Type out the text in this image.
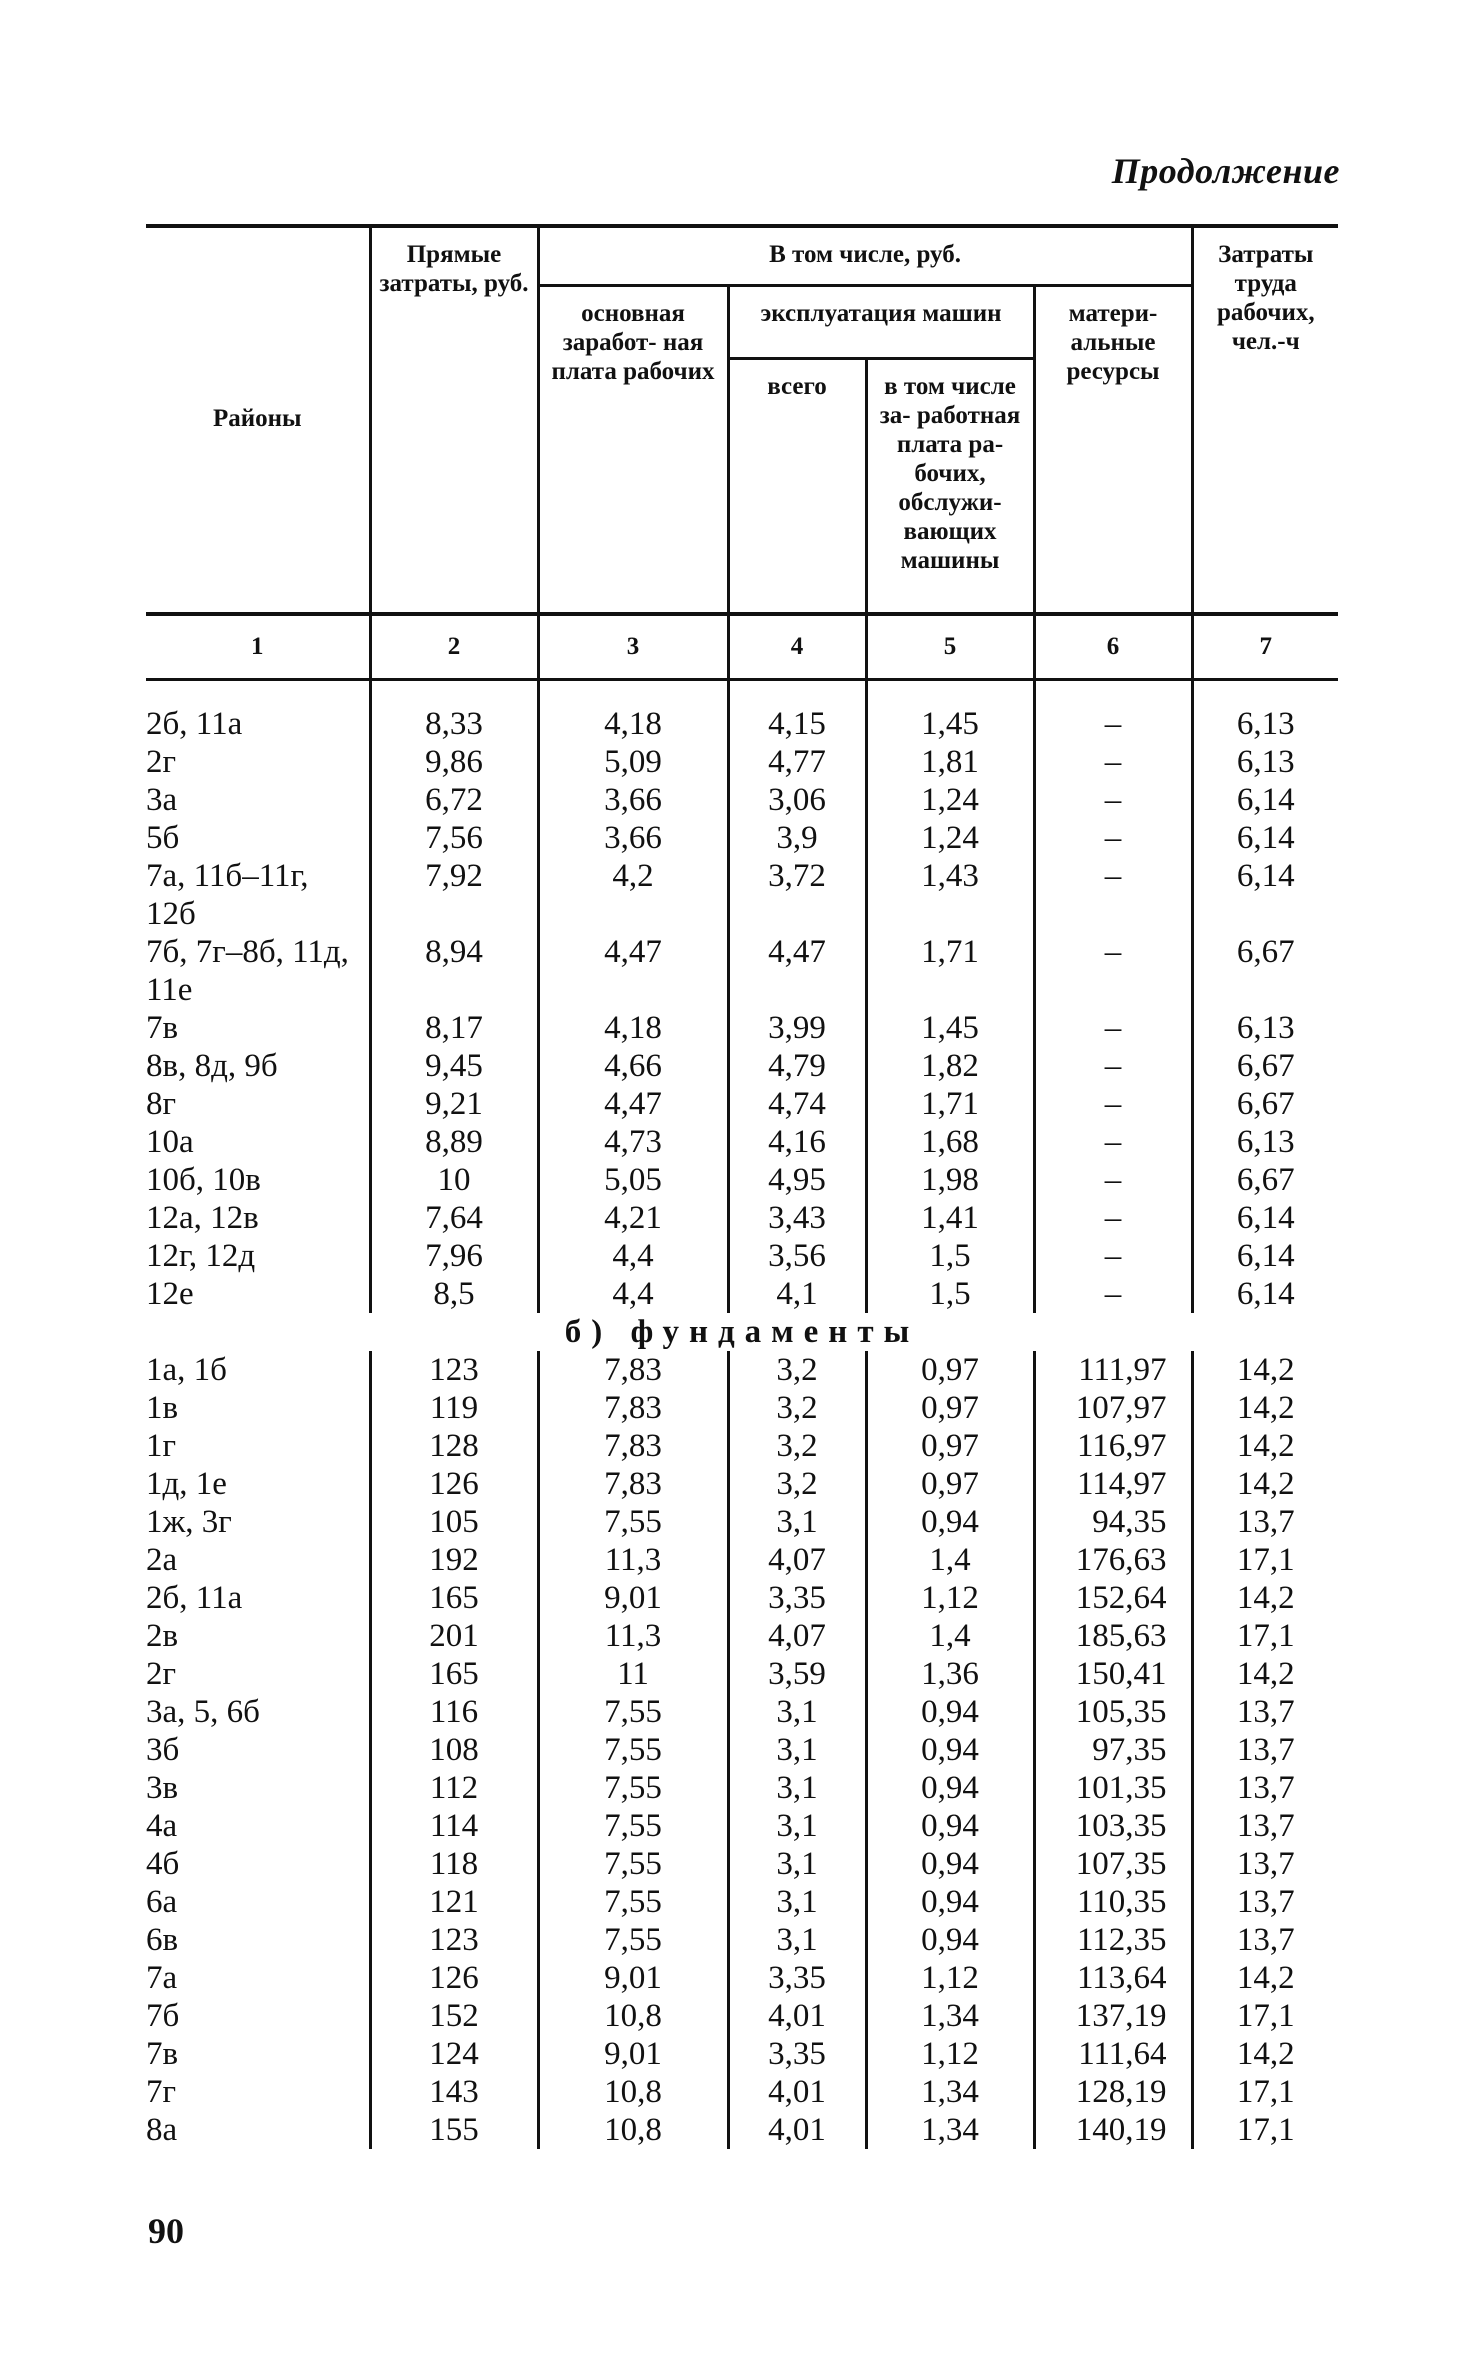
Продолжение
Районы	Прямые затраты, руб.	В том числе, руб.				Затраты труда рабочих, чел.-ч
		основная заработ- ная плата рабочих	эксплуатация машин		матери- альные ресурсы	
			всего	в том числе за- работная плата ра- бочих, обслужи- вающих машины		
1	2	3	4	5	6	7
2б, 11а	8,33	4,18	4,15	1,45	–	6,13
2г	9,86	5,09	4,77	1,81	–	6,13
3а	6,72	3,66	3,06	1,24	–	6,14
5б	7,56	3,66	3,9	1,24	–	6,14
7а, 11б–11г, 12б	7,92	4,2	3,72	1,43	–	6,14
7б, 7г–8б, 11д, 11е	8,94	4,47	4,47	1,71	–	6,67
7в	8,17	4,18	3,99	1,45	–	6,13
8в, 8д, 9б	9,45	4,66	4,79	1,82	–	6,67
8г	9,21	4,47	4,74	1,71	–	6,67
10а	8,89	4,73	4,16	1,68	–	6,13
10б, 10в	10	5,05	4,95	1,98	–	6,67
12а, 12в	7,64	4,21	3,43	1,41	–	6,14
12г, 12д	7,96	4,4	3,56	1,5	–	6,14
12е	8,5	4,4	4,1	1,5	–	6,14
б) фундаменты						
1а, 1б	123	7,83	3,2	0,97	111,97	14,2
1в	119	7,83	3,2	0,97	107,97	14,2
1г	128	7,83	3,2	0,97	116,97	14,2
1д, 1е	126	7,83	3,2	0,97	114,97	14,2
1ж, 3г	105	7,55	3,1	0,94	94,35	13,7
2а	192	11,3	4,07	1,4	176,63	17,1
2б, 11а	165	9,01	3,35	1,12	152,64	14,2
2в	201	11,3	4,07	1,4	185,63	17,1
2г	165	11	3,59	1,36	150,41	14,2
3а, 5, 6б	116	7,55	3,1	0,94	105,35	13,7
3б	108	7,55	3,1	0,94	97,35	13,7
3в	112	7,55	3,1	0,94	101,35	13,7
4а	114	7,55	3,1	0,94	103,35	13,7
4б	118	7,55	3,1	0,94	107,35	13,7
6а	121	7,55	3,1	0,94	110,35	13,7
6в	123	7,55	3,1	0,94	112,35	13,7
7а	126	9,01	3,35	1,12	113,64	14,2
7б	152	10,8	4,01	1,34	137,19	17,1
7в	124	9,01	3,35	1,12	111,64	14,2
7г	143	10,8	4,01	1,34	128,19	17,1
8а	155	10,8	4,01	1,34	140,19	17,1
90
